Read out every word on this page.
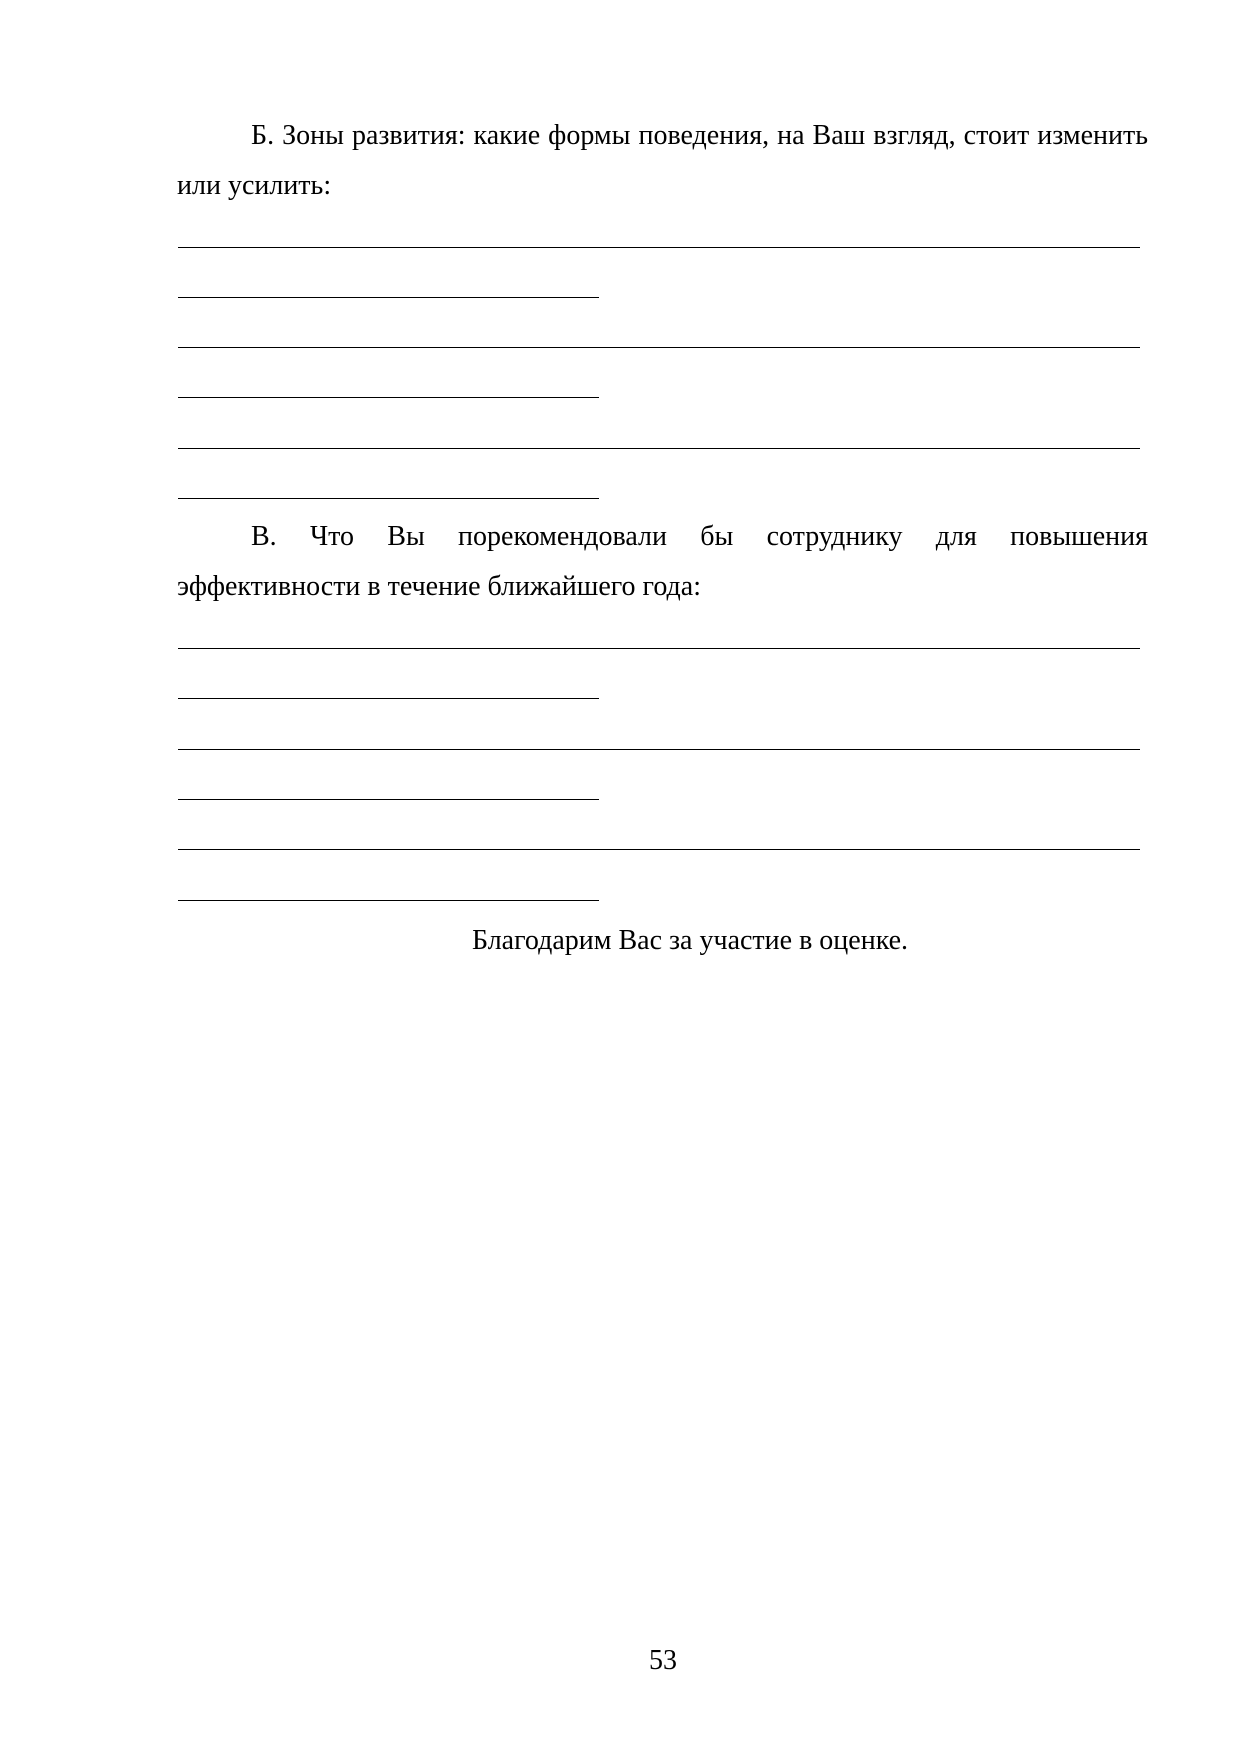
Б. Зоны развития: какие формы поведения, на Ваш взгляд, стоит изменить или усилить:

В. Что Вы порекомендовали бы сотруднику для повышения эффективности в течение ближайшего года:

Благодарим Вас за участие в оценке.
53
